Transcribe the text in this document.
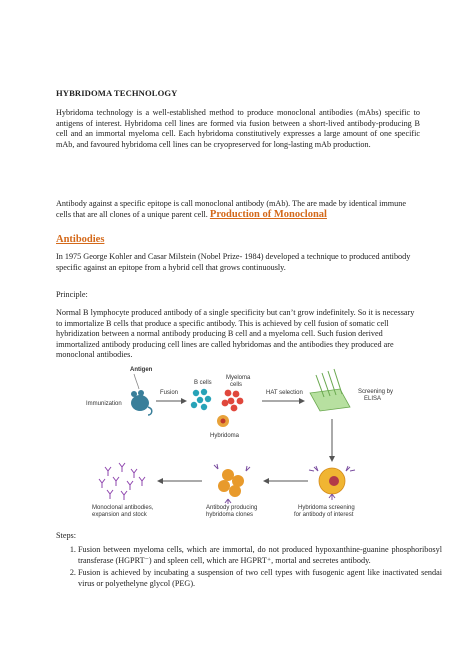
HYBRIDOMA TECHNOLOGY

Hybridoma technology is a well-established method to produce monoclonal antibodies (mAbs) specific to antigens of interest. Hybridoma cell lines are formed via fusion between a short-lived antibody-producing B cell and an immortal myeloma cell. Each hybridoma constitutively expresses a large amount of one specific mAb, and favoured hybridoma cell lines can be cryopreserved for long-lasting mAb production.

Antibody against a specific epitope is call monoclonal antibody (mAb). The are made by identical immune cells that are all clones of a unique parent cell. Production of Monoclonal

Antibodies

In 1975 George Kohler and Casar Milstein (Nobel Prize- 1984) developed a technique to produced antibody specific against an epitope from a hybrid cell that grows continuously.

Principle:

Normal B lymphocyte produced antibody of a single specificity but can’t grow indefinitely. So it is necessary to immortalize B cells that produce a specific antibody. This is achieved by cell fusion of somatic cell hybridization between a normal antibody producing B cell and a myeloma cell. Such fusion derived immortalized antibody producing cell lines are called hybridomas and the antibodies they produced are monoclonal antibodies.

Antigen
Immunization
Fusion
B cells
Myeloma
cells
Hybridoma
HAT selection	Screening by
ELISA
Hybridoma screening
for antibody of interest
Antibody producing
hybridoma clones
Monoclonal antibodies,
expansion and stock

Steps:

1. Fusion between myeloma cells, which are immortal, do not produced hypoxanthine-guanine phosphoribosyl transferase (HGPRT⁻) and spleen cell, which are HGPRT⁺, mortal and secretes antibody.
2. Fusion is achieved by incubating a suspension of two cell types with fusogenic agent like inactivated sendai virus or polyethelyne glycol (PEG).
